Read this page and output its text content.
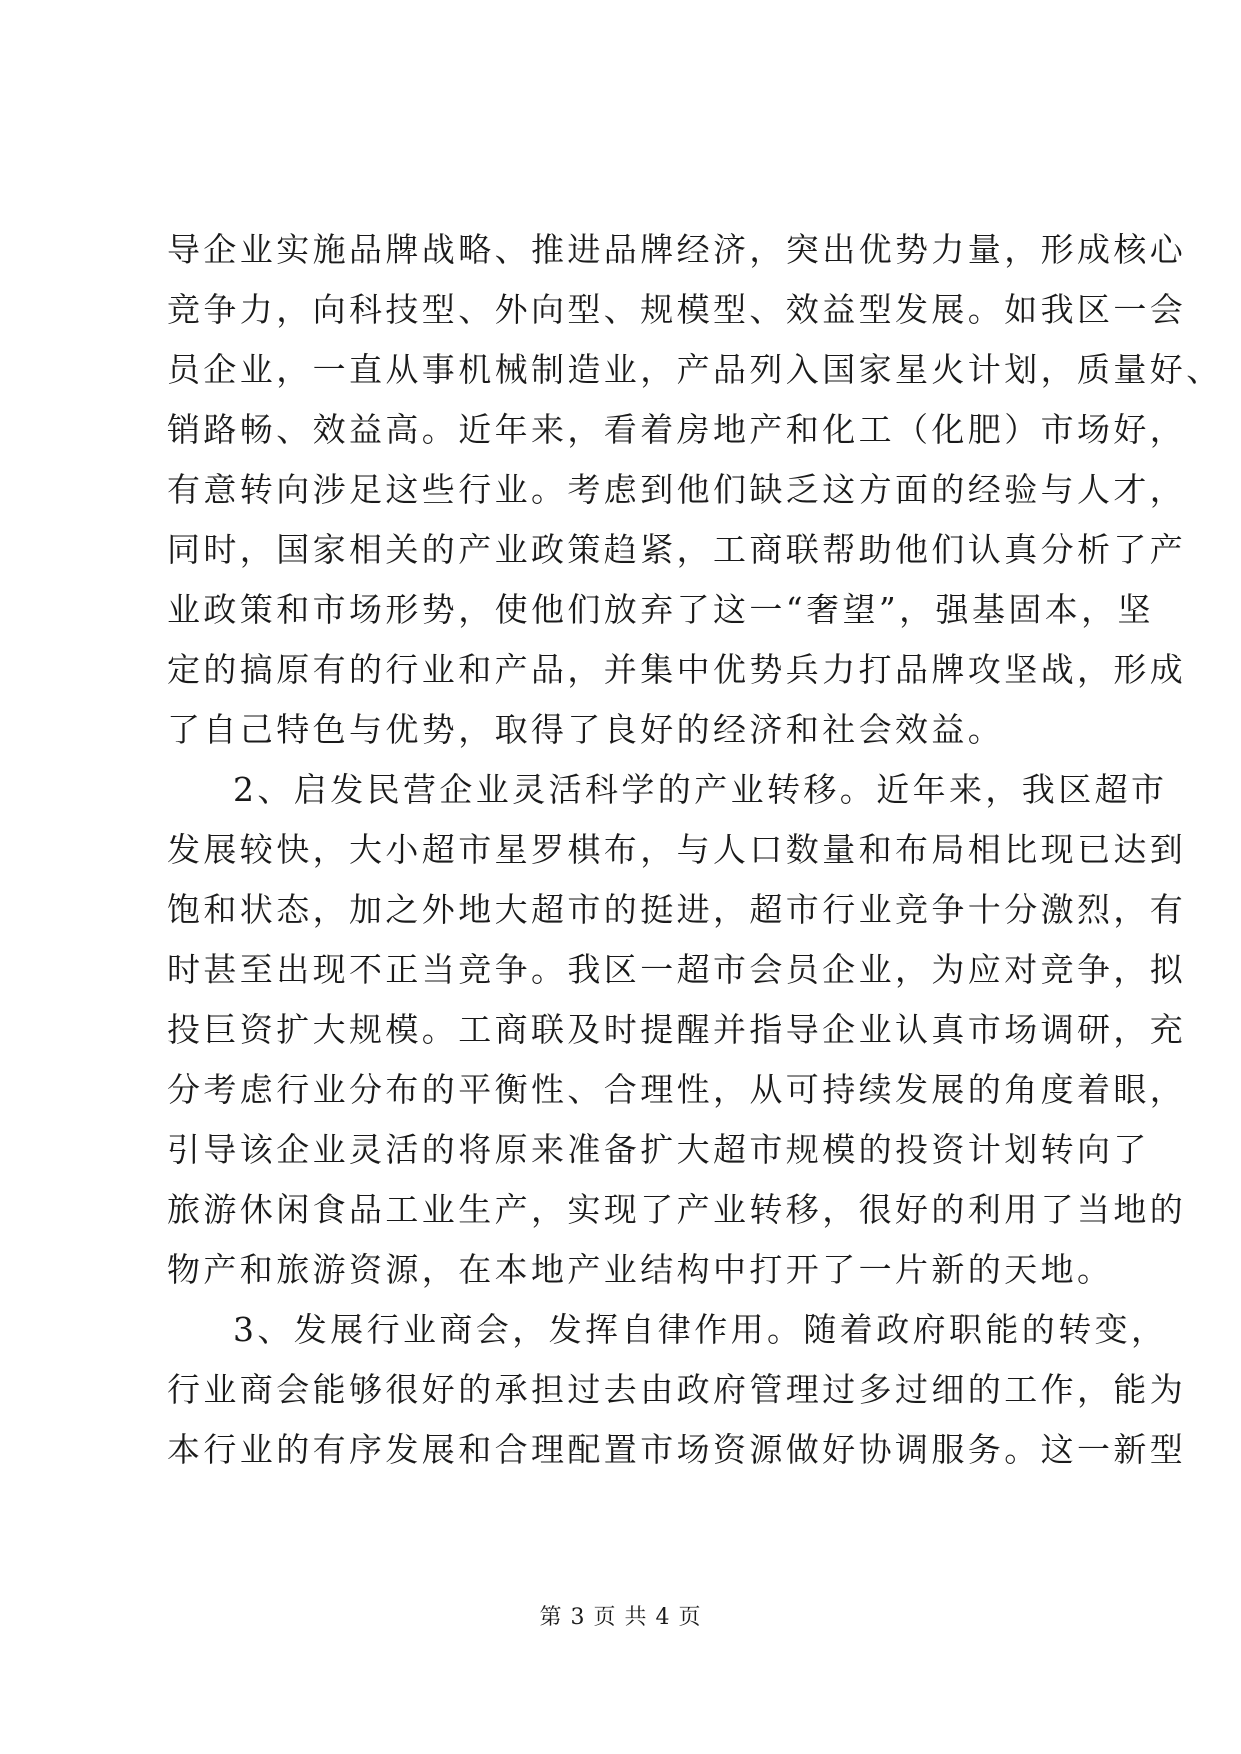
导企业实施品牌战略、推进品牌经济，突出优势力量，形成核心
竞争力，向科技型、外向型、规模型、效益型发展。如我区一会
员企业，一直从事机械制造业，产品列入国家星火计划，质量好、
销路畅、效益高。近年来，看着房地产和化工（化肥）市场好，
有意转向涉足这些行业。考虑到他们缺乏这方面的经验与人才，
同时，国家相关的产业政策趋紧，工商联帮助他们认真分析了产
业政策和市场形势，使他们放弃了这一“奢望”，强基固本，坚
定的搞原有的行业和产品，并集中优势兵力打品牌攻坚战，形成
了自己特色与优势，取得了良好的经济和社会效益。
2、启发民营企业灵活科学的产业转移。近年来，我区超市
发展较快，大小超市星罗棋布，与人口数量和布局相比现已达到
饱和状态，加之外地大超市的挺进，超市行业竞争十分激烈，有
时甚至出现不正当竞争。我区一超市会员企业，为应对竞争，拟
投巨资扩大规模。工商联及时提醒并指导企业认真市场调研，充
分考虑行业分布的平衡性、合理性，从可持续发展的角度着眼，
引导该企业灵活的将原来准备扩大超市规模的投资计划转向了
旅游休闲食品工业生产，实现了产业转移，很好的利用了当地的
物产和旅游资源，在本地产业结构中打开了一片新的天地。
3、发展行业商会，发挥自律作用。随着政府职能的转变，
行业商会能够很好的承担过去由政府管理过多过细的工作，能为
本行业的有序发展和合理配置市场资源做好协调服务。这一新型
第 3 页 共 4 页
